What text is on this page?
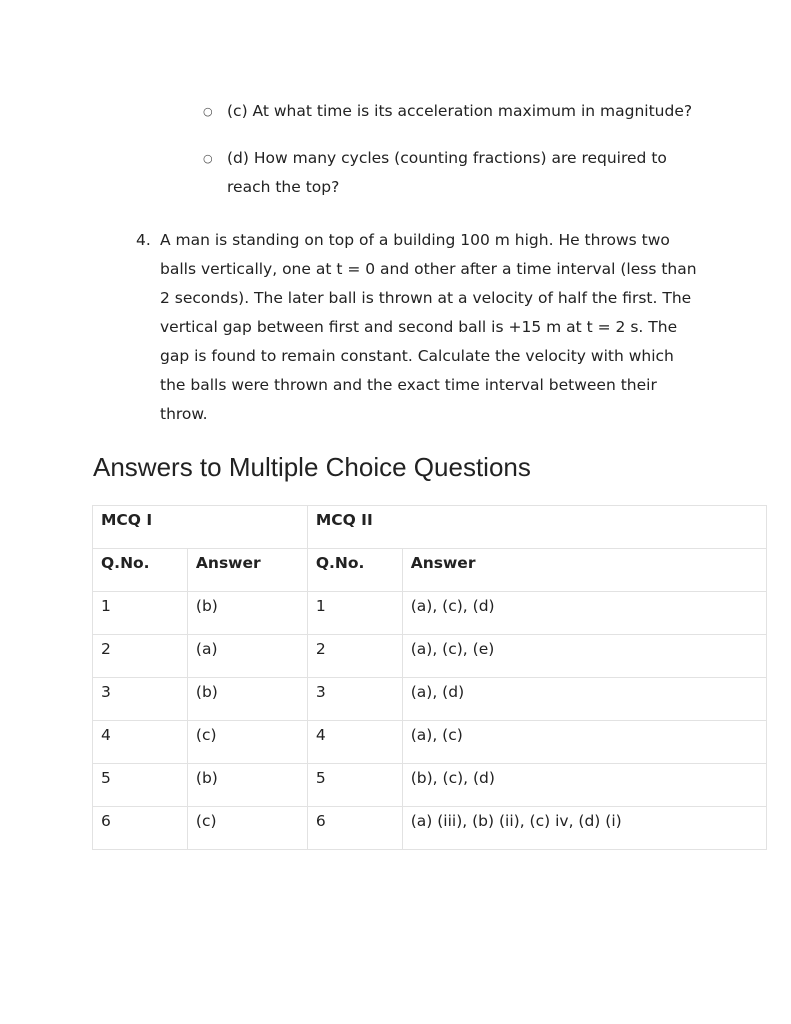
○ (c) At what time is its acceleration maximum in magnitude?
○ (d) How many cycles (counting fractions) are required to reach the top?
4. A man is standing on top of a building 100 m high. He throws two balls vertically, one at t = 0 and other after a time interval (less than 2 seconds). The later ball is thrown at a velocity of half the first. The vertical gap between first and second ball is +15 m at t = 2 s. The gap is found to remain constant. Calculate the velocity with which the balls were thrown and the exact time interval between their throw.
Answers to Multiple Choice Questions
MCQ I		MCQ II	
Q.No.	Answer	Q.No.	Answer
1	(b)	1	(a), (c), (d)
2	(a)	2	(a), (c), (e)
3	(b)	3	(a), (d)
4	(c)	4	(a), (c)
5	(b)	5	(b), (c), (d)
6	(c)	6	(a) (iii), (b) (ii), (c) iv, (d) (i)
